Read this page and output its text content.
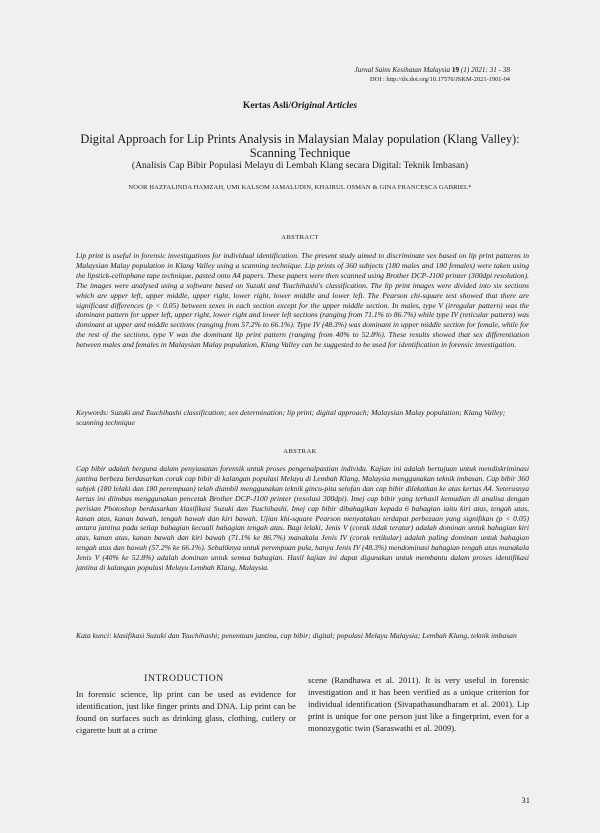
Jurnal Sains Kesihatan Malaysia 19 (1) 2021: 31 - 38
DOI : http://dx.doi.org/10.17576/JSKM-2021-1901-04
Kertas Asli/Original Articles
Digital Approach for Lip Prints Analysis in Malaysian Malay population (Klang Valley): Scanning Technique
(Analisis Cap Bibir Populasi Melayu di Lembah Klang secara Digital: Teknik Imbasan)
NOOR HAZFALINDA HAMZAH, UMI KALSOM JAMALUDIN, KHAIRUL OSMAN & GINA FRANCESCA GABRIEL*
ABSTRACT
Lip print is useful in forensic investigations for individual identification. The present study aimed to discriminate sex based on lip print patterns in Malaysian Malay population in Klang Valley using a scanning technique. Lip prints of 360 subjects (180 males and 180 females) were taken using the lipstick-cellophane tape technique, pasted onto A4 papers. These papers were then scanned using Brother DCP-J100 printer (300dpi resolution). The images were analysed using a software based on Suzuki and Tsuchihashi's classification. The lip print images were divided into six sections which are upper left, upper middle, upper right, lower right, lower middle and lower left. The Pearson chi-square test showed that there are significant differences (p < 0.05) between sexes in each section except for the upper middle section. In males, type V (irregular pattern) was the dominant pattern for upper left, upper right, lower right and lower left sections (ranging from 71.1% to 86.7%) while type IV (reticular pattern) was dominant at upper and middle sections (ranging from 57.2% to 66.1%). Type IV (48.3%) was dominant in upper middle section for female, while for the rest of the sections, type V was the dominant lip print pattern (ranging from 40% to 52.8%). These results showed that sex differentiation between males and females in Malaysian Malay population, Klang Valley can be suggested to be used for identification in forensic investigation.
Keywords: Suzuki and Tsuchihashi classification; sex determination; lip print; digital approach; Malaysian Malay population; Klang Valley; scanning technique
ABSTRAK
Cap bibir adalah berguna dalam penyiasatan forensik untuk proses pengenalpastian individu. Kajian ini adalah bertujuan untuk mendiskriminasi jantina berbeza berdasarkan corak cap bibir di kalangan populasi Melayu di Lembah Klang, Malaysia menggunakan teknik imbasan. Cap bibir 360 subjek (180 lelaki dan 180 perempuan) telah diambil menggunakan teknik gincu-pita selofan dan cap bibir dilekatkan ke atas kertas A4. Seterusnya kertas ini diimbas menggunakan pencetak Brother DCP-J100 printer (resolusi 300dpi). Imej cap bibir yang terhasil kemudian di analisa dengan perisian Photoshop berdasarkan klasifikasi Suzuki dan Tsuchihashi. Imej cap bibir dibahagikan kepada 6 bahagian iaitu kiri atas, tengah atas, kanan atas, kanan bawah, tengah bawah dan kiri bawah. Ujian khi-square Pearson menyatakan terdapat perbezaan yang signifikan (p < 0.05) antara jantina pada setiap bahagian kecuali bahagian tengah atas. Bagi lelaki, Jenis V (corak tidak teratur) adalah dominan untuk bahagian kiri atas, kanan atas, kanan bawah dan kiri bawah (71.1% ke 86.7%) manakala Jenis IV (corak retikular) adalah paling dominan untuk bahagian tengah atas dan bawah (57.2% ke 66.1%). Sebaliknya untuk perempuan pula, hanya Jenis IV (48.3%) mendominasi bahagian tengah atas manakala Jenis V (40% ke 52.8%) adalah dominan untuk semua bahagian. Hasil kajian ini dapat digunakan untuk membantu dalam proses identifikasi jantina di kalangan populasi Melayu Lembah Klang, Malaysia.
Kata kunci: klasifikasi Suzuki dan Tsuchihashi; penentuan jantina, cap bibir; digital; populasi Melayu Malaysia; Lembah Klang, teknik imbasan
INTRODUCTION
In forensic science, lip print can be used as evidence for identification, just like finger prints and DNA. Lip print can be found on surfaces such as drinking glass, clothing, cutlery or cigarette butt at a crime
scene (Randhawa et al. 2011). It is very useful in forensic investigation and it has been verified as a unique criterion for individual identification (Sivapathasundharam et al. 2001). Lip print is unique for one person just like a fingerprint, even for a monozygotic twin (Saraswathi et al. 2009).
31
